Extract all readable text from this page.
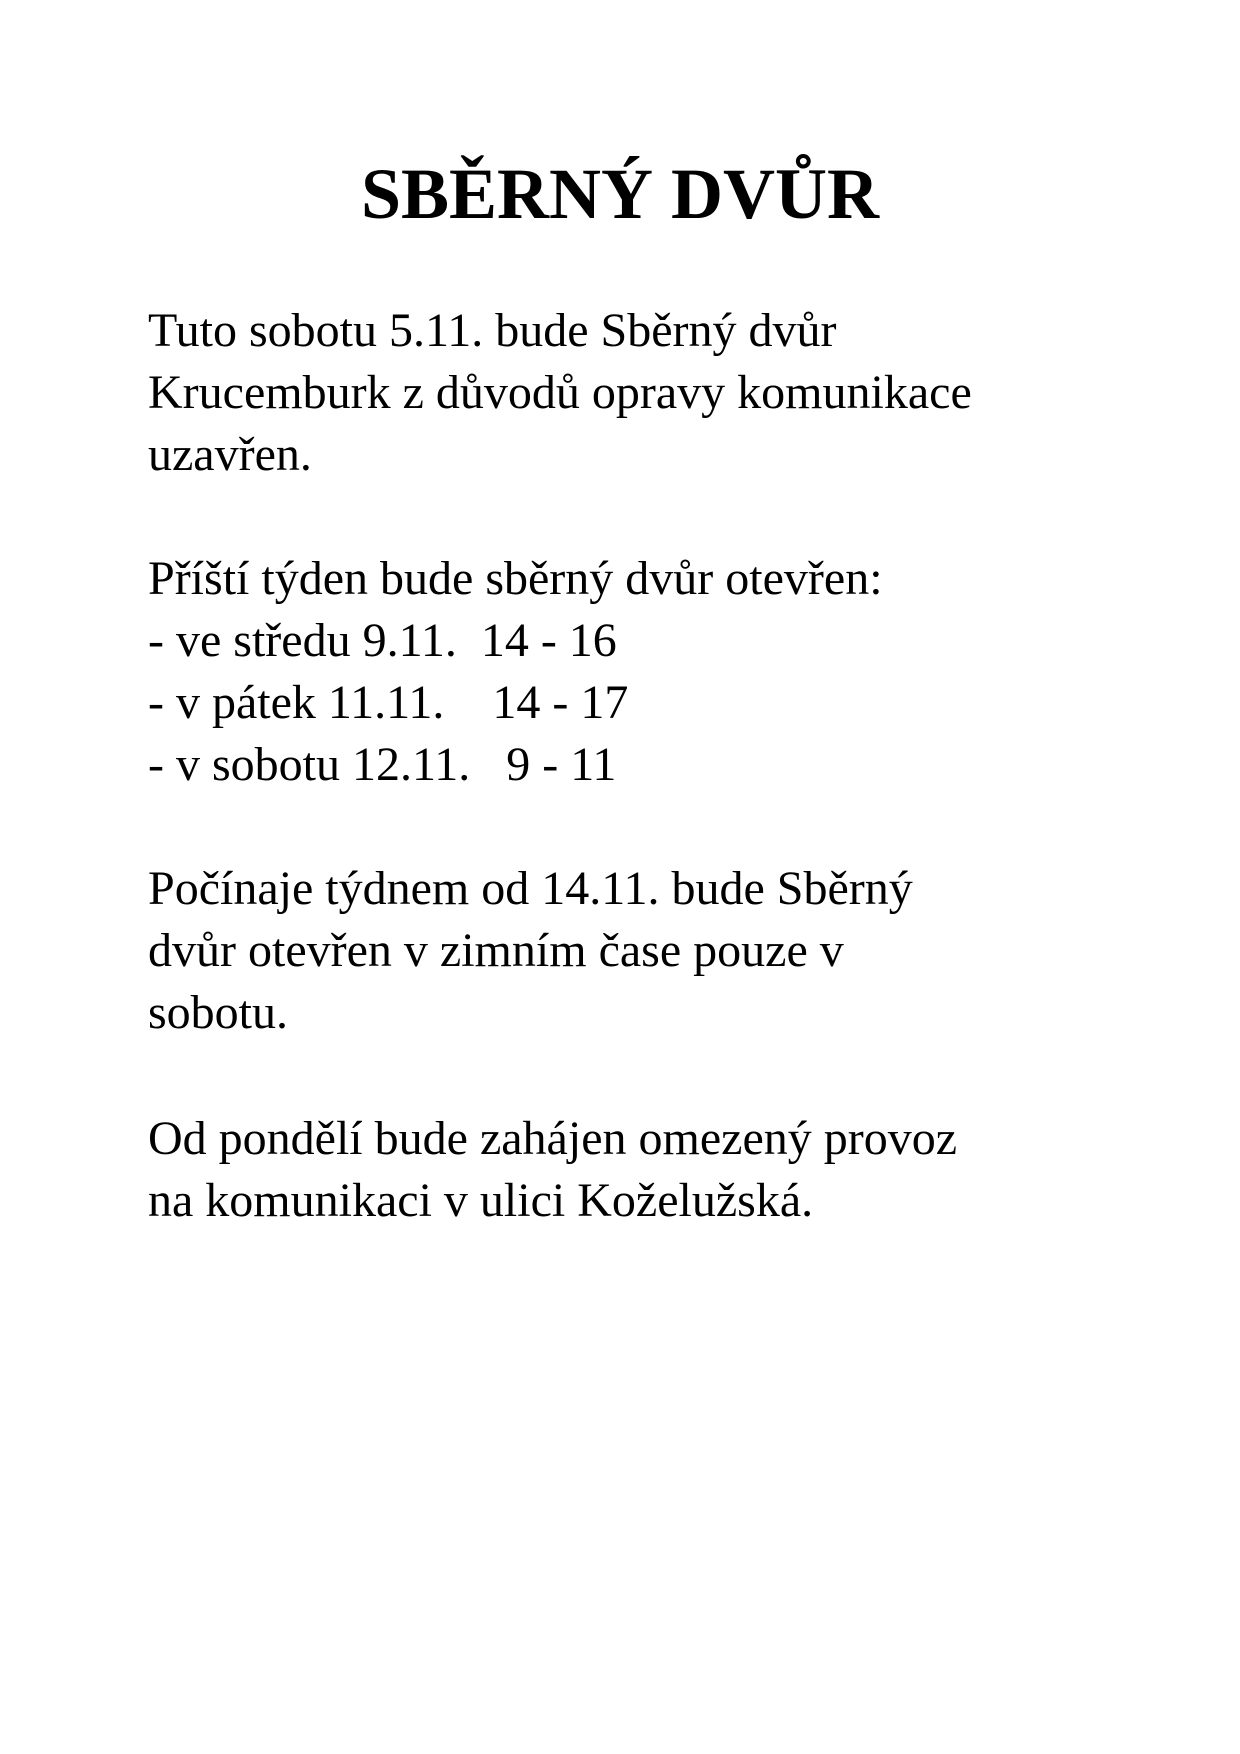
SBĚRNÝ DVŮR

Tuto sobotu 5.11. bude Sběrný dvůr
Krucemburk z důvodů opravy komunikace
uzavřen.

Příští týden bude sběrný dvůr otevřen:
- ve středu 9.11.  14 - 16
- v pátek 11.11.    14 - 17
- v sobotu 12.11.   9 - 11

Počínaje týdnem od 14.11. bude Sběrný
dvůr otevřen v zimním čase pouze v
sobotu.

Od pondělí bude zahájen omezený provoz
na komunikaci v ulici Koželužská.
